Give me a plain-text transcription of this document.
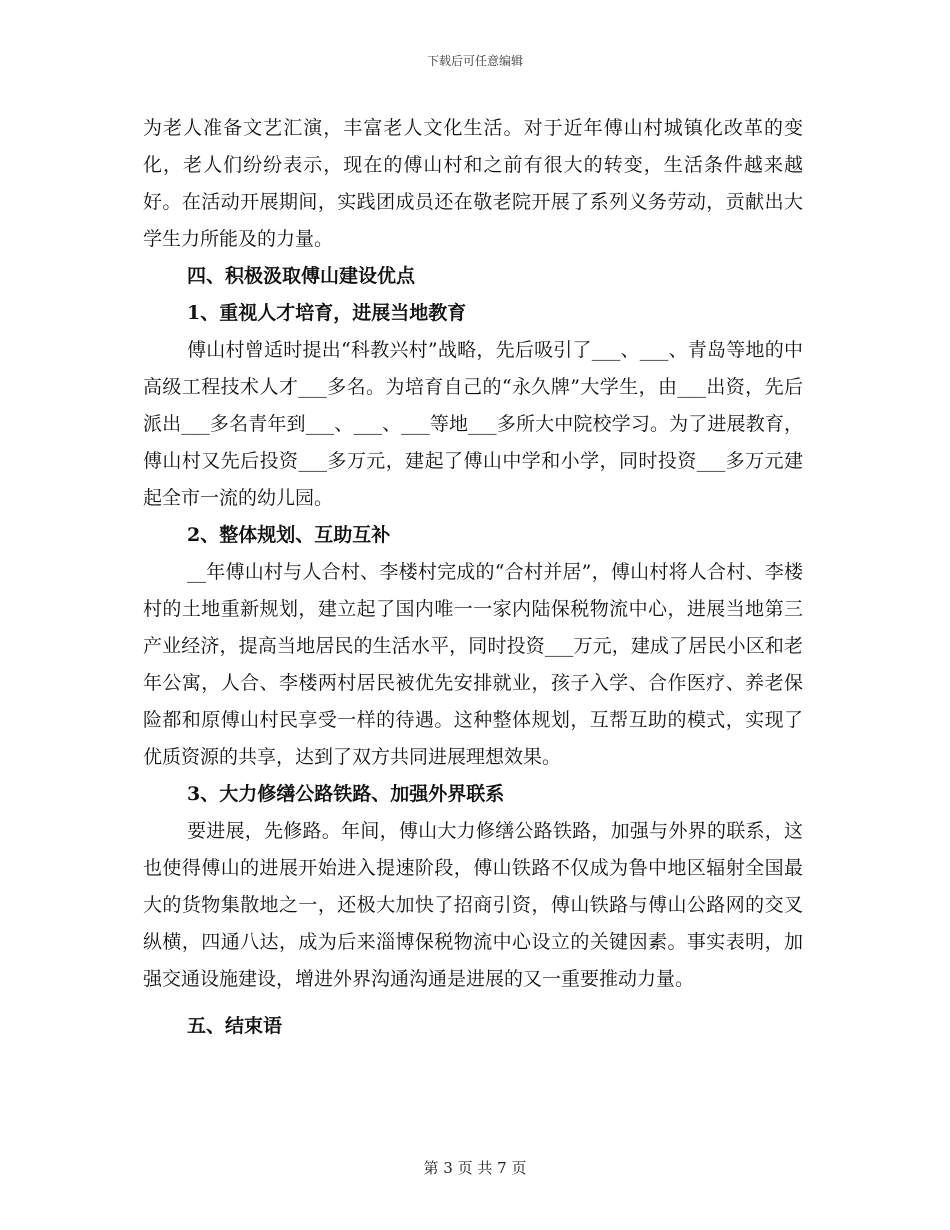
下载后可任意编辑

为老人准备文艺汇演，丰富老人文化生活。对于近年傅山村城镇化改革的变化，老人们纷纷表示，现在的傅山村和之前有很大的转变，生活条件越来越好。在活动开展期间，实践团成员还在敬老院开展了系列义务劳动，贡献出大学生力所能及的力量。

四、积极汲取傅山建设优点

1、重视人才培育，进展当地教育

傅山村曾适时提出“科教兴村”战略，先后吸引了___、___、青岛等地的中高级工程技术人才___多名。为培育自己的“永久牌”大学生，由___出资，先后派出___多名青年到___、___、___等地___多所大中院校学习。为了进展教育，傅山村又先后投资___多万元，建起了傅山中学和小学，同时投资___多万元建起全市一流的幼儿园。

2、整体规划、互助互补

__年傅山村与人合村、李楼村完成的“合村并居”，傅山村将人合村、李楼村的土地重新规划，建立起了国内唯一一家内陆保税物流中心，进展当地第三产业经济，提高当地居民的生活水平，同时投资___万元，建成了居民小区和老年公寓，人合、李楼两村居民被优先安排就业，孩子入学、合作医疗、养老保险都和原傅山村民享受一样的待遇。这种整体规划，互帮互助的模式，实现了优质资源的共享，达到了双方共同进展理想效果。

3、大力修缮公路铁路、加强外界联系

要进展，先修路。年间，傅山大力修缮公路铁路，加强与外界的联系，这也使得傅山的进展开始进入提速阶段，傅山铁路不仅成为鲁中地区辐射全国最大的货物集散地之一，还极大加快了招商引资，傅山铁路与傅山公路网的交叉纵横，四通八达，成为后来淄博保税物流中心设立的关键因素。事实表明，加强交通设施建设，增进外界沟通沟通是进展的又一重要推动力量。

五、结束语

第 3 页 共 7 页
